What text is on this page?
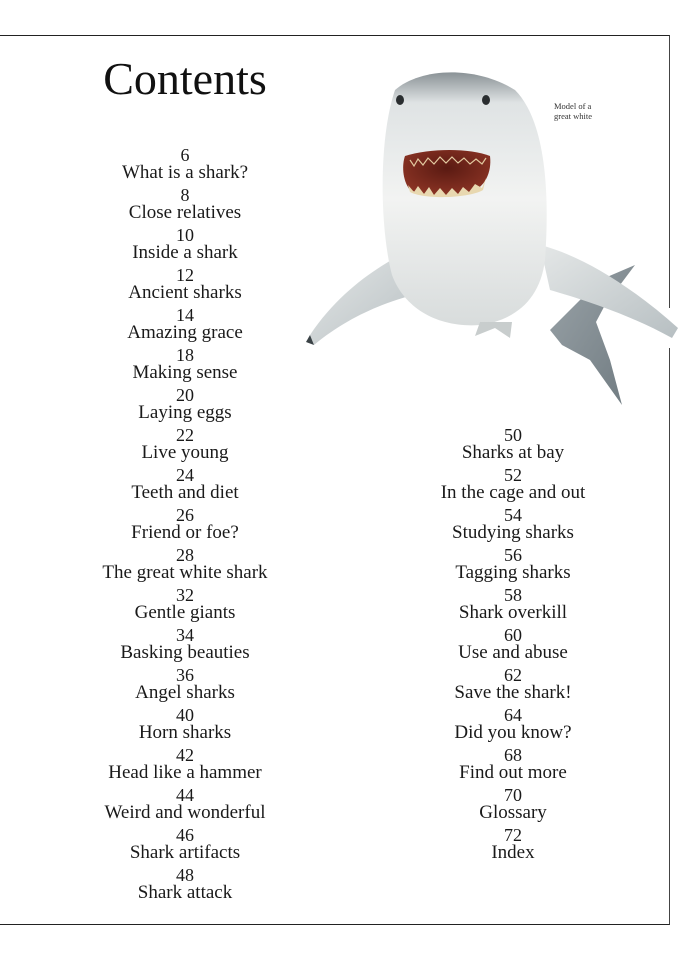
Contents
6
What is a shark?
8
Close relatives
10
Inside a shark
12
Ancient sharks
14
Amazing grace
18
Making sense
20
Laying eggs
22
Live young
24
Teeth and diet
26
Friend or foe?
28
The great white shark
32
Gentle giants
34
Basking beauties
36
Angel sharks
40
Horn sharks
42
Head like a hammer
44
Weird and wonderful
46
Shark artifacts
48
Shark attack
50
Sharks at bay
52
In the cage and out
54
Studying sharks
56
Tagging sharks
58
Shark overkill
60
Use and abuse
62
Save the shark!
64
Did you know?
68
Find out more
70
Glossary
72
Index
Model of a
great white
